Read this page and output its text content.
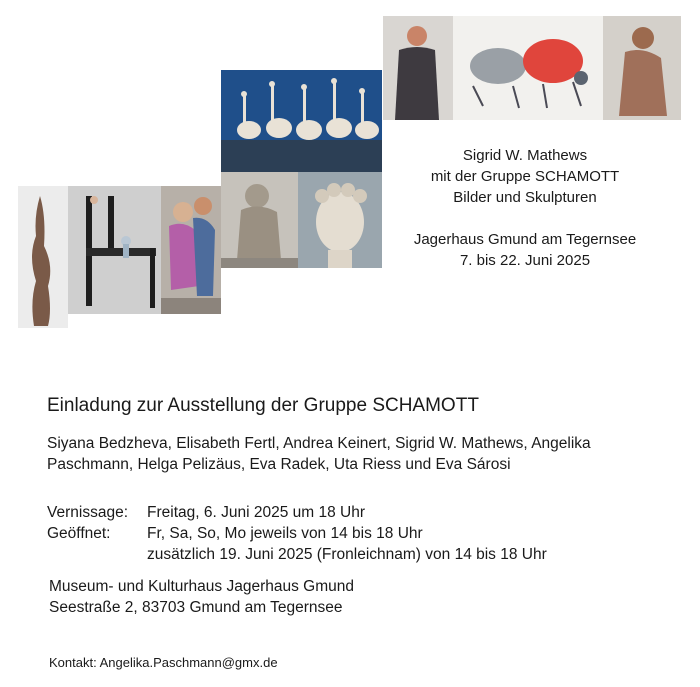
Sigrid W. Mathews
mit der Gruppe SCHAMOTT
Bilder und Skulpturen
Jagerhaus Gmund am Tegernsee
7. bis 22. Juni 2025
Einladung zur Ausstellung der Gruppe SCHAMOTT
Siyana Bedzheva, Elisabeth Fertl, Andrea Keinert, Sigrid W. Mathews, Angelika
Paschmann, Helga Pelizäus, Eva Radek, Uta Riess und Eva Sárosi
Vernissage:	Freitag, 6. Juni 2025 um 18 Uhr
Geöffnet:	Fr, Sa, So, Mo jeweils von 14 bis 18 Uhr
zusätzlich 19. Juni 2025 (Fronleichnam) von 14 bis 18 Uhr
Museum- und Kulturhaus Jagerhaus Gmund
Seestraße 2, 83703 Gmund am Tegernsee
Kontakt: Angelika.Paschmann@gmx.de
